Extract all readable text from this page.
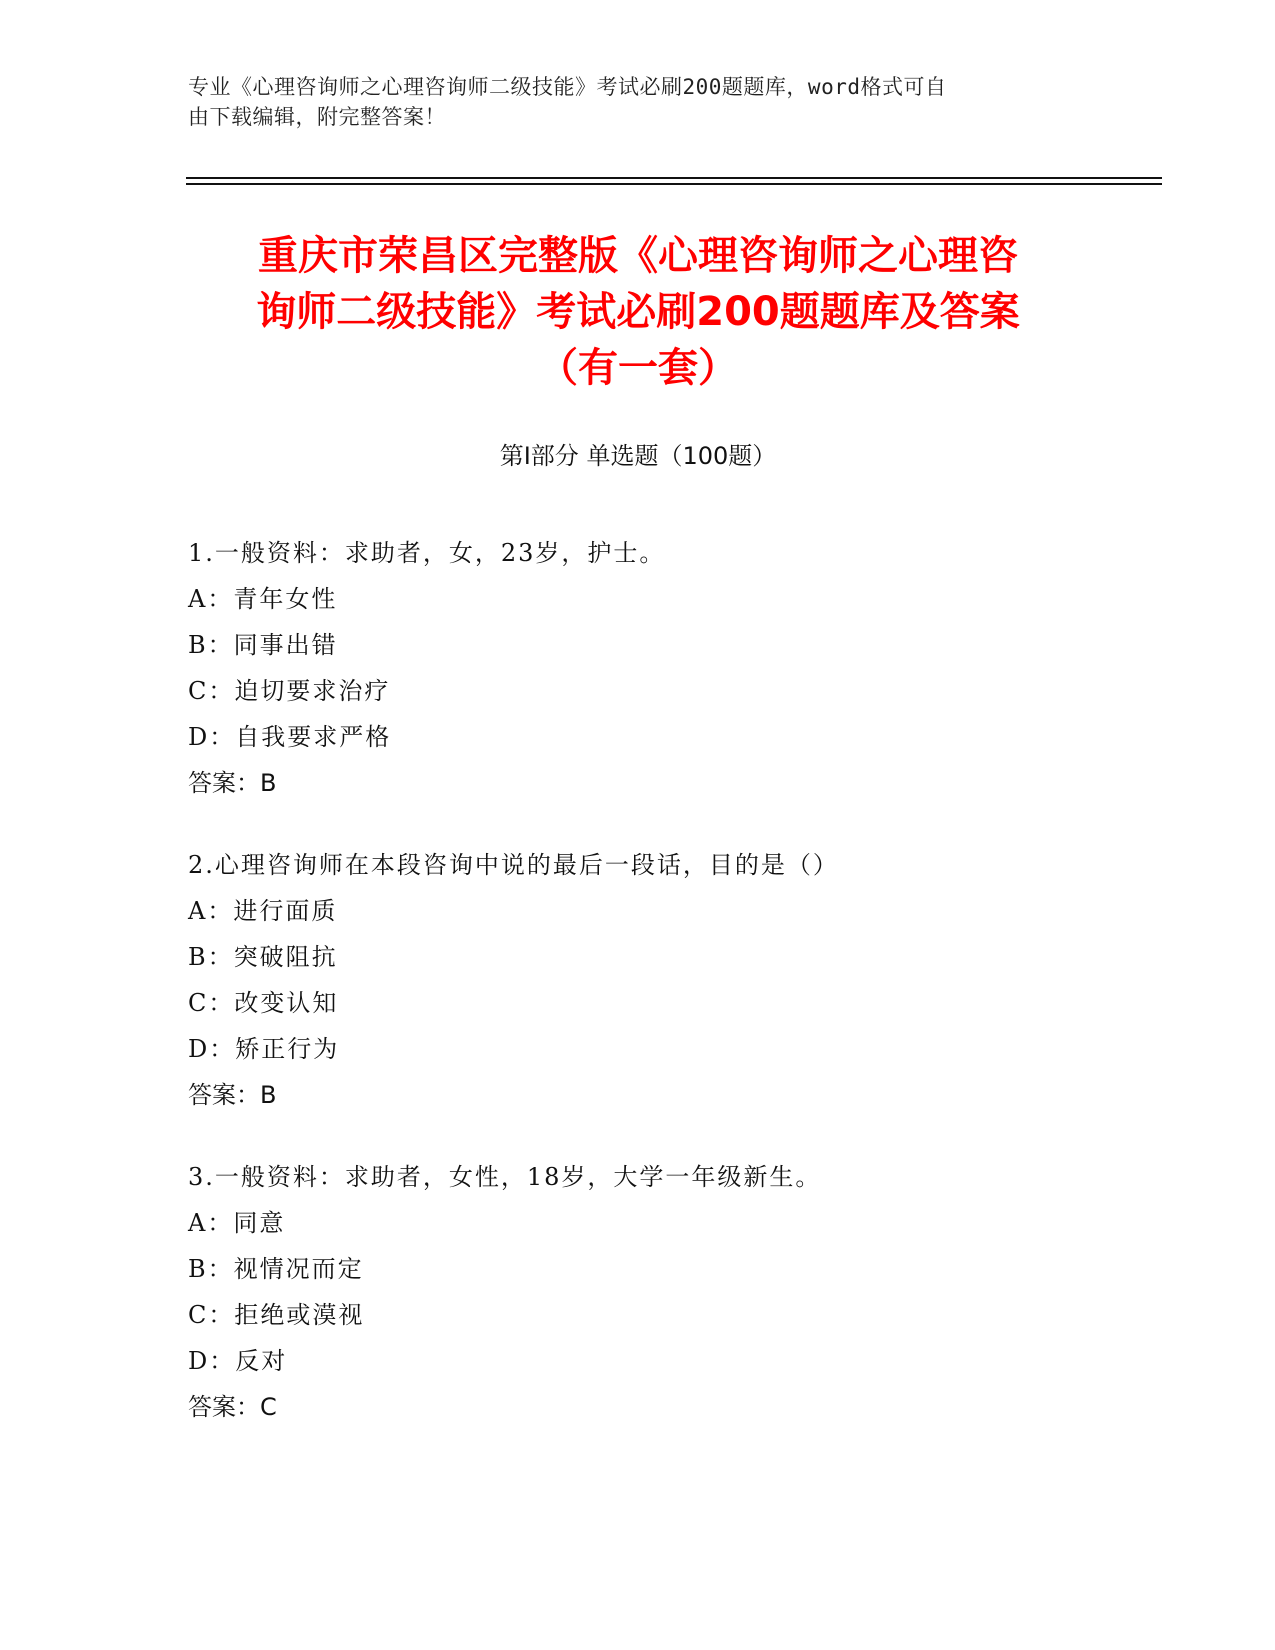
专业《心理咨询师之心理咨询师二级技能》考试必刷200题题库，word格式可自
由下载编辑，附完整答案！
重庆市荣昌区完整版《心理咨询师之心理咨
询师二级技能》考试必刷200题题库及答案
（有一套）
第Ⅰ部分 单选题（100题）
1.一般资料：求助者，女，23岁，护士。
A：青年女性
B：同事出错
C：迫切要求治疗
D：自我要求严格
答案：B
2.心理咨询师在本段咨询中说的最后一段话，目的是（）
A：进行面质
B：突破阻抗
C：改变认知
D：矫正行为
答案：B
3.一般资料：求助者，女性，18岁，大学一年级新生。
A：同意
B：视情况而定
C：拒绝或漠视
D：反对
答案：C
